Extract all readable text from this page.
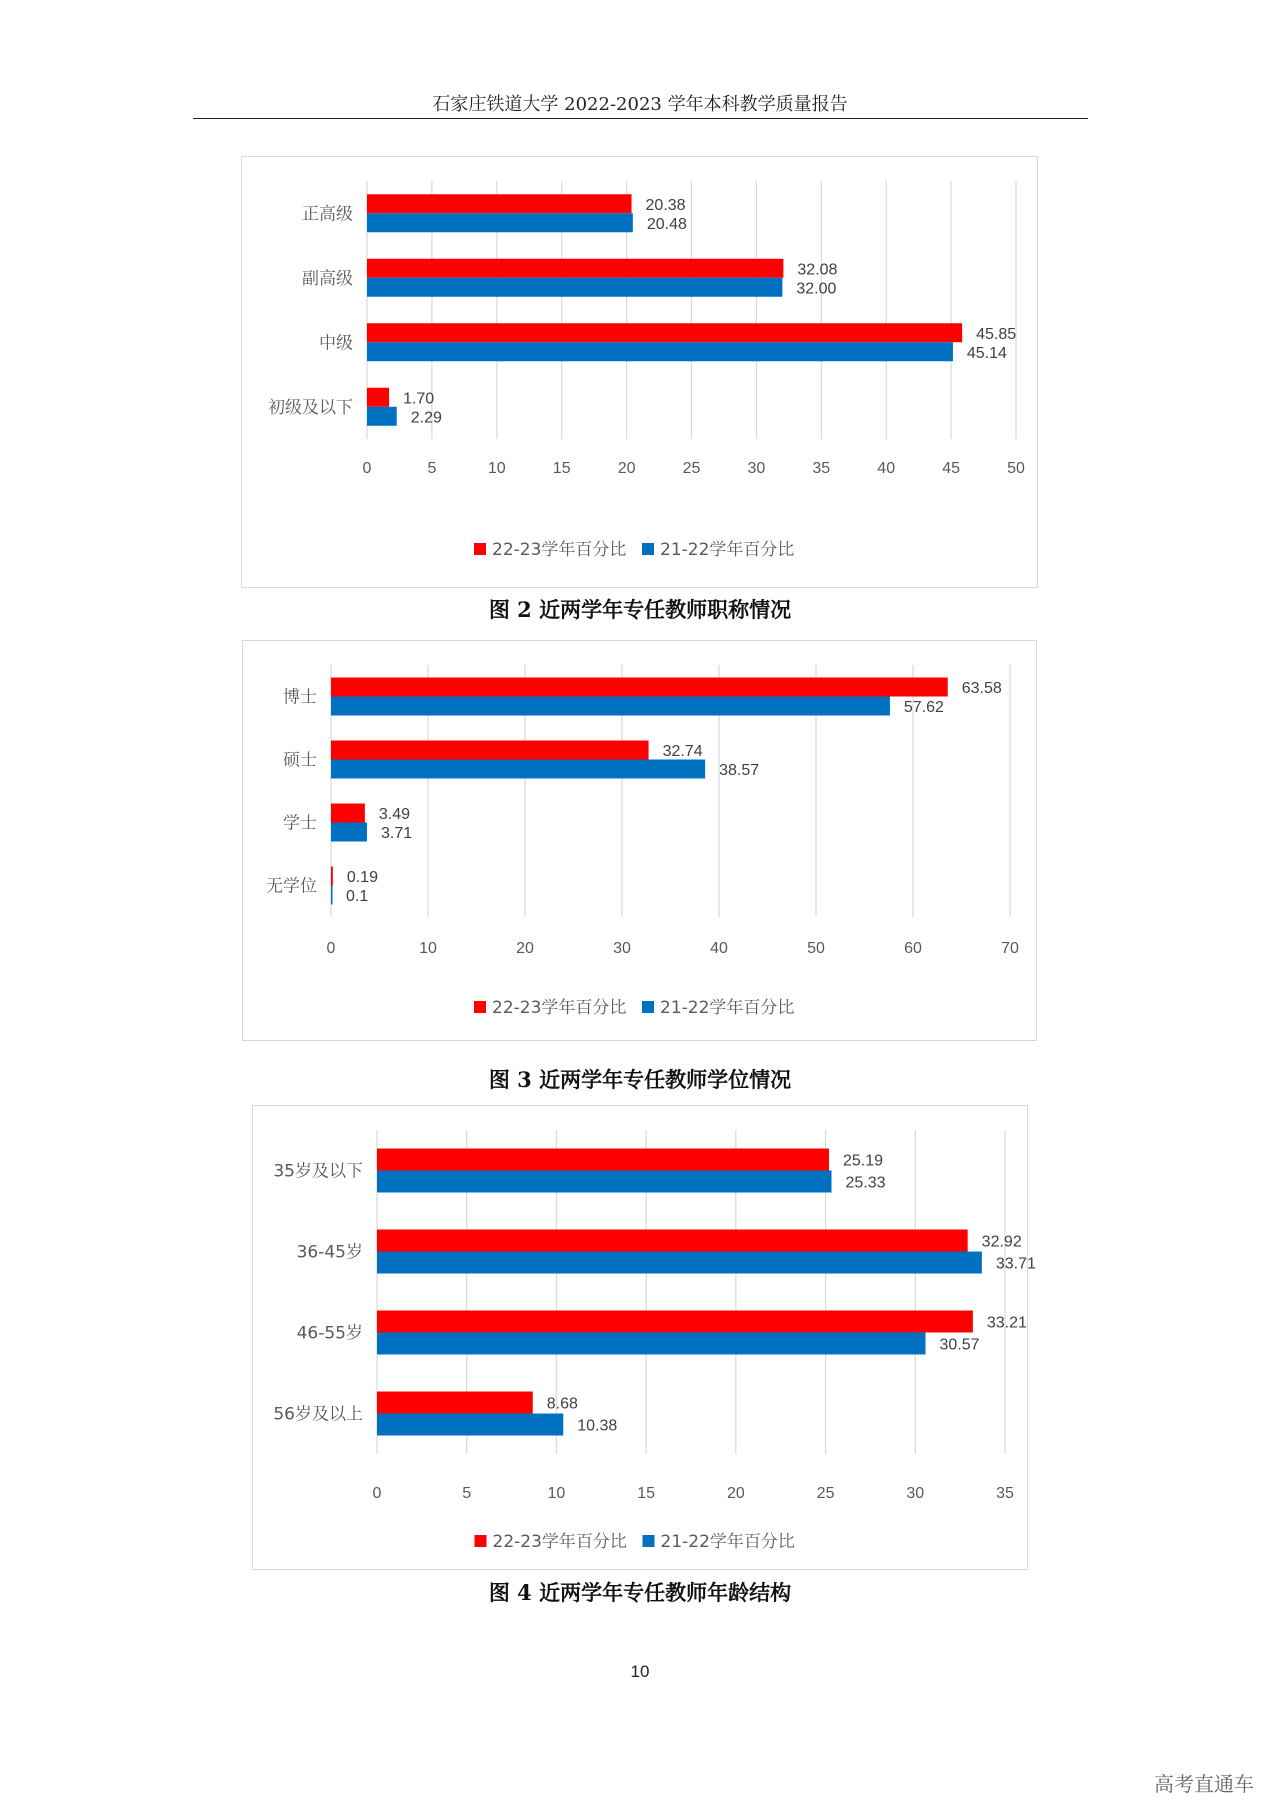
石家庄铁道大学 2022-2023 学年本科教学质量报告
0	5	10	15	20	25	30	35	40	45	50
正高级	20.38
20.48
副高级	32.08
32.00
中级	45.85
45.14
初级及以下	1.70
2.29
22-23学年百分比 21-22学年百分比
图 2 近两学年专任教师职称情况
0	10	20	30	40	50	60	70
博士	63.58
57.62
硕士	32.74
38.57
学士	3.49
3.71
无学位 0.19
0.1
22-23学年百分比 21-22学年百分比
图 3 近两学年专任教师学位情况
0	5	10	15	20	25	30	35
35岁及以下
25.19
25.33
36-45岁
32.92
33.71
46-55岁
33.21
30.57
56岁及以上
8.68
10.38
22-23学年百分比 21-22学年百分比
图 4 近两学年专任教师年龄结构
10
高考直通车
